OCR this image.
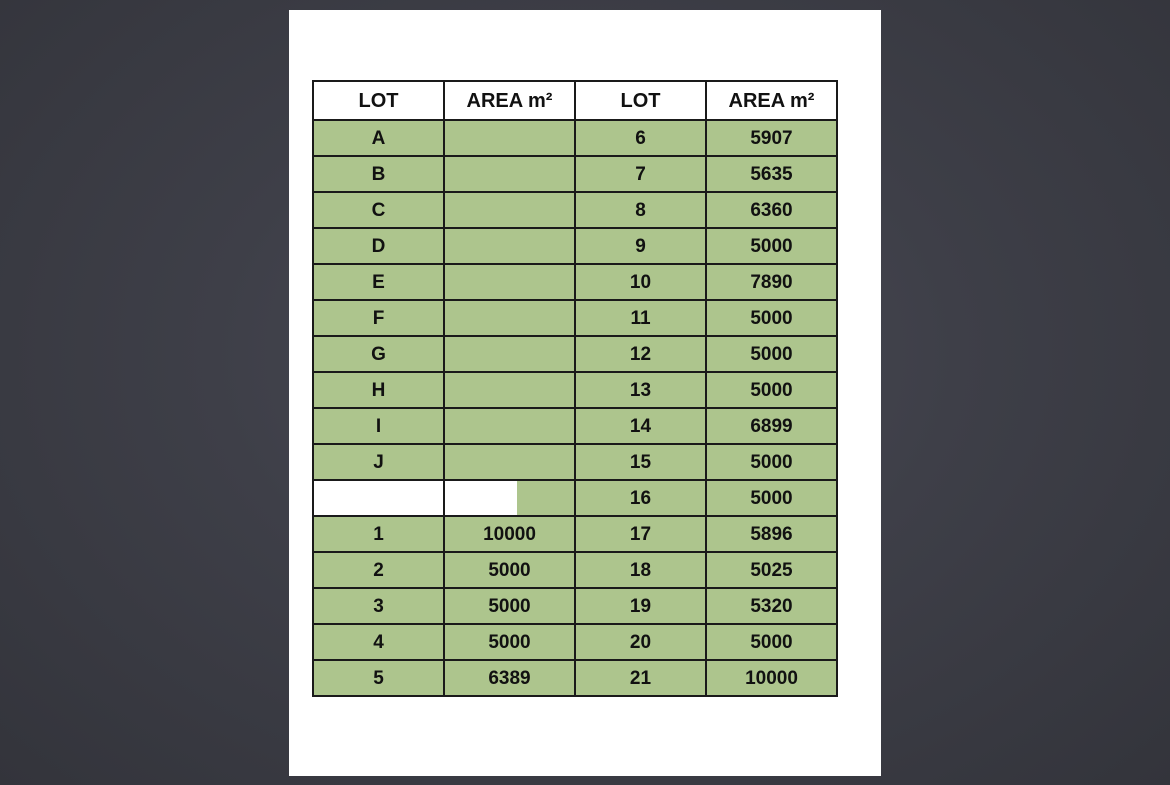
LOT	AREA m²	LOT	AREA m²
A		6	5907
B		7	5635
C		8	6360
D		9	5000
E		10	7890
F		11	5000
G		12	5000
H		13	5000
I		14	6899
J		15	5000
		16	5000
1	10000	17	5896
2	5000	18	5025
3	5000	19	5320
4	5000	20	5000
5	6389	21	10000
